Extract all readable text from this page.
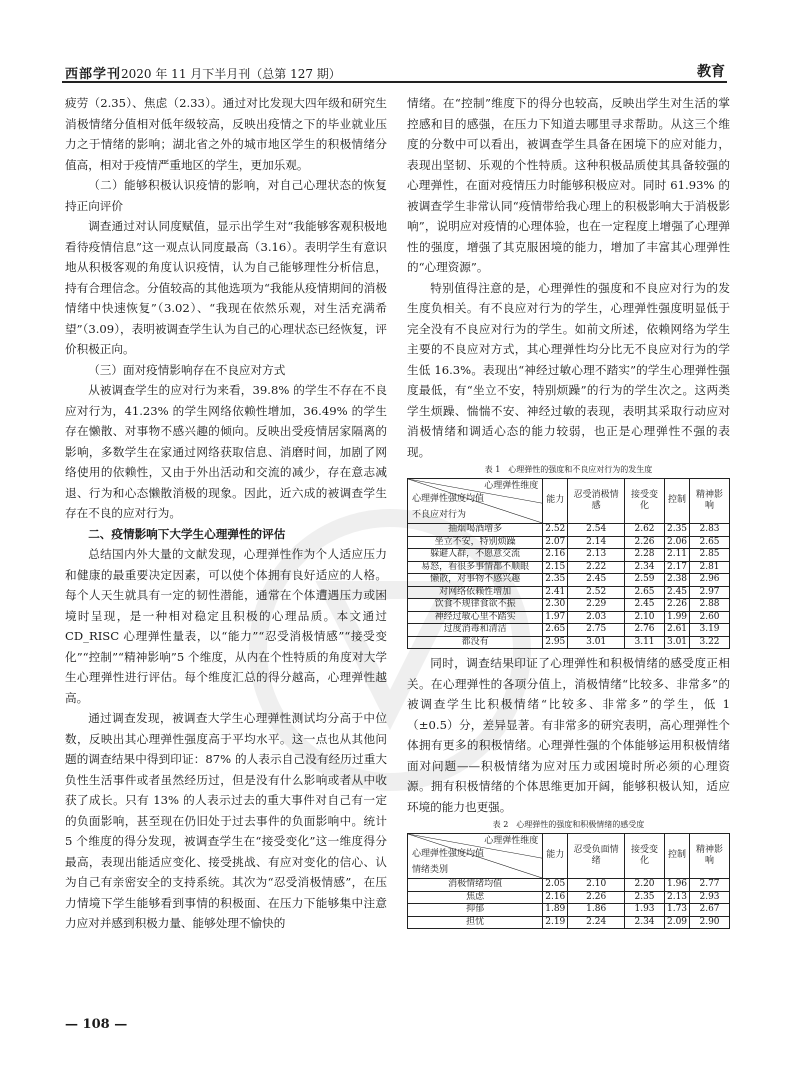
西部学刊2020 年 11 月下半月刊（总第 127 期）	教育

疲劳（2.35）、焦虑（2.33）。通过对比发现大四年级和研究生消极情绪分值相对低年级较高，反映出疫情之下的毕业就业压力之于情绪的影响；湖北省之外的城市地区学生的积极情绪分值高，相对于疫情严重地区的学生，更加乐观。

（二）能够积极认识疫情的影响，对自己心理状态的恢复持正向评价

调查通过对认同度赋值，显示出学生对“我能够客观积极地看待疫情信息”这一观点认同度最高（3.16）。表明学生有意识地从积极客观的角度认识疫情，认为自己能够理性分析信息，持有合理信念。分值较高的其他选项为“我能从疫情期间的消极情绪中快速恢复”（3.02）、“我现在依然乐观，对生活充满希望”（3.09），表明被调查学生认为自己的心理状态已经恢复，评价积极正向。

（三）面对疫情影响存在不良应对方式

从被调查学生的应对行为来看，39.8% 的学生不存在不良应对行为，41.23% 的学生网络依赖性增加，36.49% 的学生存在懒散、对事物不感兴趣的倾向。反映出受疫情居家隔离的影响，多数学生在家通过网络获取信息、消磨时间，加剧了网络使用的依赖性，又由于外出活动和交流的减少，存在意志减退、行为和心态懒散消极的现象。因此，近六成的被调查学生存在不良的应对行为。

二、疫情影响下大学生心理弹性的评估

总结国内外大量的文献发现，心理弹性作为个人适应压力和健康的最重要决定因素，可以使个体拥有良好适应的人格。每个人天生就具有一定的韧性潜能，通常在个体遭遇压力或困境时呈现，是一种相对稳定且积极的心理品质。本文通过 CD_RISC 心理弹性量表，以“能力”“忍受消极情感”“接受变化”“控制”“精神影响”5 个维度，从内在个性特质的角度对大学生心理弹性进行评估。每个维度汇总的得分越高，心理弹性越高。

通过调查发现，被调查大学生心理弹性测试均分高于中位数，反映出其心理弹性强度高于平均水平。这一点也从其他问题的调查结果中得到印证：87% 的人表示自己没有经历过重大负性生活事件或者虽然经历过，但是没有什么影响或者从中收获了成长。只有 13% 的人表示过去的重大事件对自己有一定的负面影响，甚至现在仍旧处于过去事件的负面影响中。统计 5 个维度的得分发现，被调查学生在“接受变化”这一维度得分最高，表现出能适应变化、接受挑战、有应对变化的信心、认为自己有亲密安全的支持系统。其次为“忍受消极情感”，在压力情境下学生能够看到事情的积极面、在压力下能够集中注意力应对并感到积极力量、能够处理不愉快的

情绪。在“控制”维度下的得分也较高，反映出学生对生活的掌控感和目的感强，在压力下知道去哪里寻求帮助。从这三个维度的分数中可以看出，被调查学生具备在困境下的应对能力，表现出坚韧、乐观的个性特质。这种积极品质使其具备较强的心理弹性，在面对疫情压力时能够积极应对。同时 61.93% 的被调查学生非常认同“疫情带给我心理上的积极影响大于消极影响”，说明应对疫情的心理体验，也在一定程度上增强了心理弹性的强度，增强了其克服困境的能力，增加了丰富其心理弹性的“心理资源”。

特别值得注意的是，心理弹性的强度和不良应对行为的发生度负相关。有不良应对行为的学生，心理弹性强度明显低于完全没有不良应对行为的学生。如前文所述，依赖网络为学生主要的不良应对方式，其心理弹性均分比无不良应对行为的学生低 16.3%。表现出“神经过敏心理不踏实”的学生心理弹性强度最低，有“坐立不安，特别烦躁”的行为的学生次之。这两类学生烦躁、惴惴不安、神经过敏的表现，表明其采取行动应对消极情绪和调适心态的能力较弱，也正是心理弹性不强的表现。

表 1　心理弹性的强度和不良应对行为的发生度
心理弹性维度
心理弹性强度均值
不良应对行为	能力	忍受消极情感	接受变化	控制	精神影响
抽烟喝酒增多	2.52	2.54	2.62	2.35	2.83
坐立不安，特别烦躁	2.07	2.14	2.26	2.06	2.65
躲避人群，不愿意交流	2.16	2.13	2.28	2.11	2.85
易怒，看很多事情都不顺眼	2.15	2.22	2.34	2.17	2.81
懒散，对事物不感兴趣	2.35	2.45	2.59	2.38	2.96
对网络依赖性增加	2.41	2.52	2.65	2.45	2.97
饮食不规律食欲不振	2.30	2.29	2.45	2.26	2.88
神经过敏心里不踏实	1.97	2.03	2.10	1.99	2.60
过度消毒和清洁	2.65	2.75	2.76	2.61	3.19
都没有	2.95	3.01	3.11	3.01	3.22

同时，调查结果印证了心理弹性和积极情绪的感受度正相关。在心理弹性的各项分值上，消极情绪“比较多、非常多”的被调查学生比积极情绪“比较多、非常多”的学生，低 1（±0.5）分，差异显著。有非常多的研究表明，高心理弹性个体拥有更多的积极情绪。心理弹性强的个体能够运用积极情绪面对问题——积极情绪为应对压力或困境时所必须的心理资源。拥有积极情绪的个体思维更加开阔，能够积极认知，适应环境的能力也更强。

表 2　心理弹性的强度和积极情绪的感受度
心理弹性维度
心理弹性强度均值
情绪类别	能力	忍受负面情绪	接受变化	控制	精神影响
消极情绪均值	2.05	2.10	2.20	1.96	2.77
焦虑	2.16	2.26	2.35	2.13	2.93
抑郁	1.89	1.86	1.93	1.73	2.67
担忧	2.19	2.24	2.34	2.09	2.90
— 108 —
